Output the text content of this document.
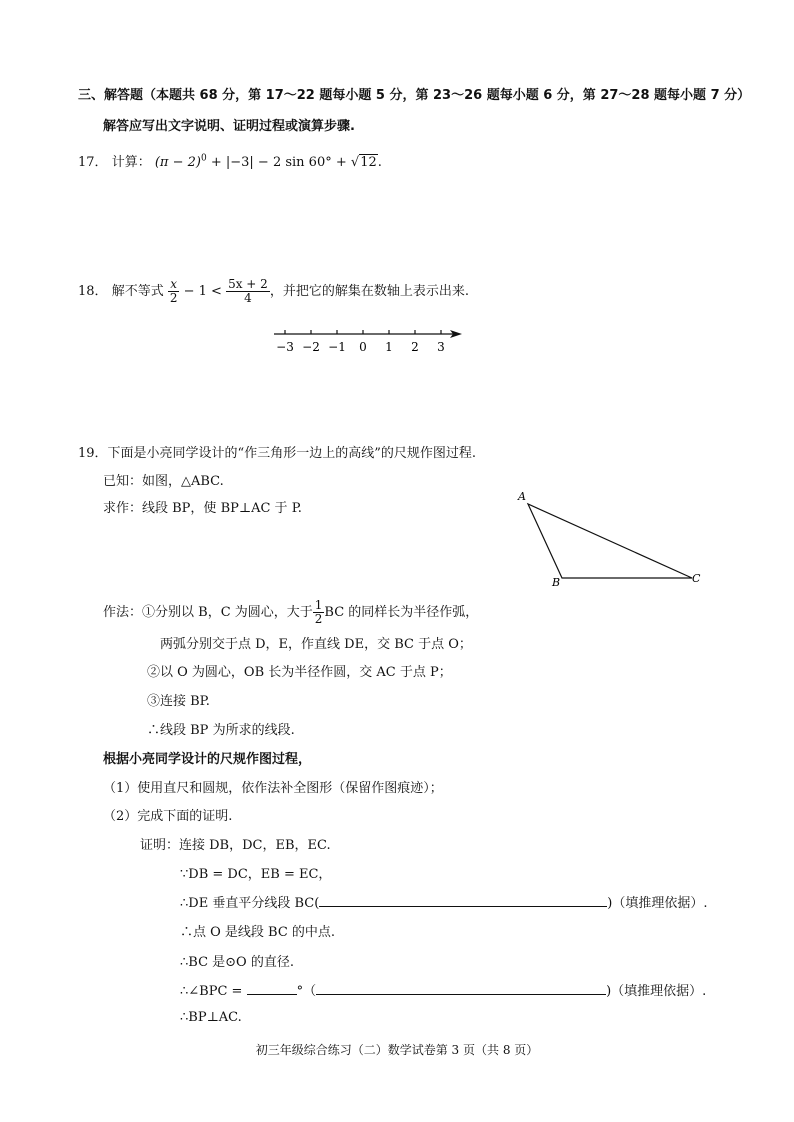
三、解答题（本题共 68 分，第 17～22 题每小题 5 分，第 23～26 题每小题 6 分，第 27～28 题每小题 7 分）
解答应写出文字说明、证明过程或演算步骤.
17． 计算： $(\pi - 2)^0 + |-3| - 2$ sin 60° + √12.
18． 解不等式 $\frac{x}{2} - 1 < \frac{5x + 2}{4}$ ，并把它的解集在数轴上表示出来.
−3 −2 −1 0 1 2 3
19．下面是小亮同学设计的“作三角形一边上的高线”的尺规作图过程.
已知：如图，△ABC.
求作：线段 BP，使 BP⊥AC 于 P.
A
B	C
作法：①分别以 B，C 为圆心，大于 $\frac{1}{2}$ BC 的同样长为半径作弧，
两弧分别交于点 D，E，作直线 DE，交 BC 于点 O；
②以 O 为圆心，OB 长为半径作圆，交 AC 于点 P；
③连接 BP.
∴线段 BP 为所求的线段.
根据小亮同学设计的尺规作图过程，
（1）使用直尺和圆规，依作法补全图形（保留作图痕迹）；
（2）完成下面的证明.
证明：连接 DB，DC，EB，EC.
∵DB = DC，EB = EC，
∴DE 垂直平分线段 BC(	)（填推理依据）.
∴点 O 是线段 BC 的中点.
∴BC 是⊙O 的直径.
∴∠BPC =	°（	)（填推理依据）.
∴BP⊥AC.
初三年级综合练习（二）数学试卷第 3 页（共 8 页）
